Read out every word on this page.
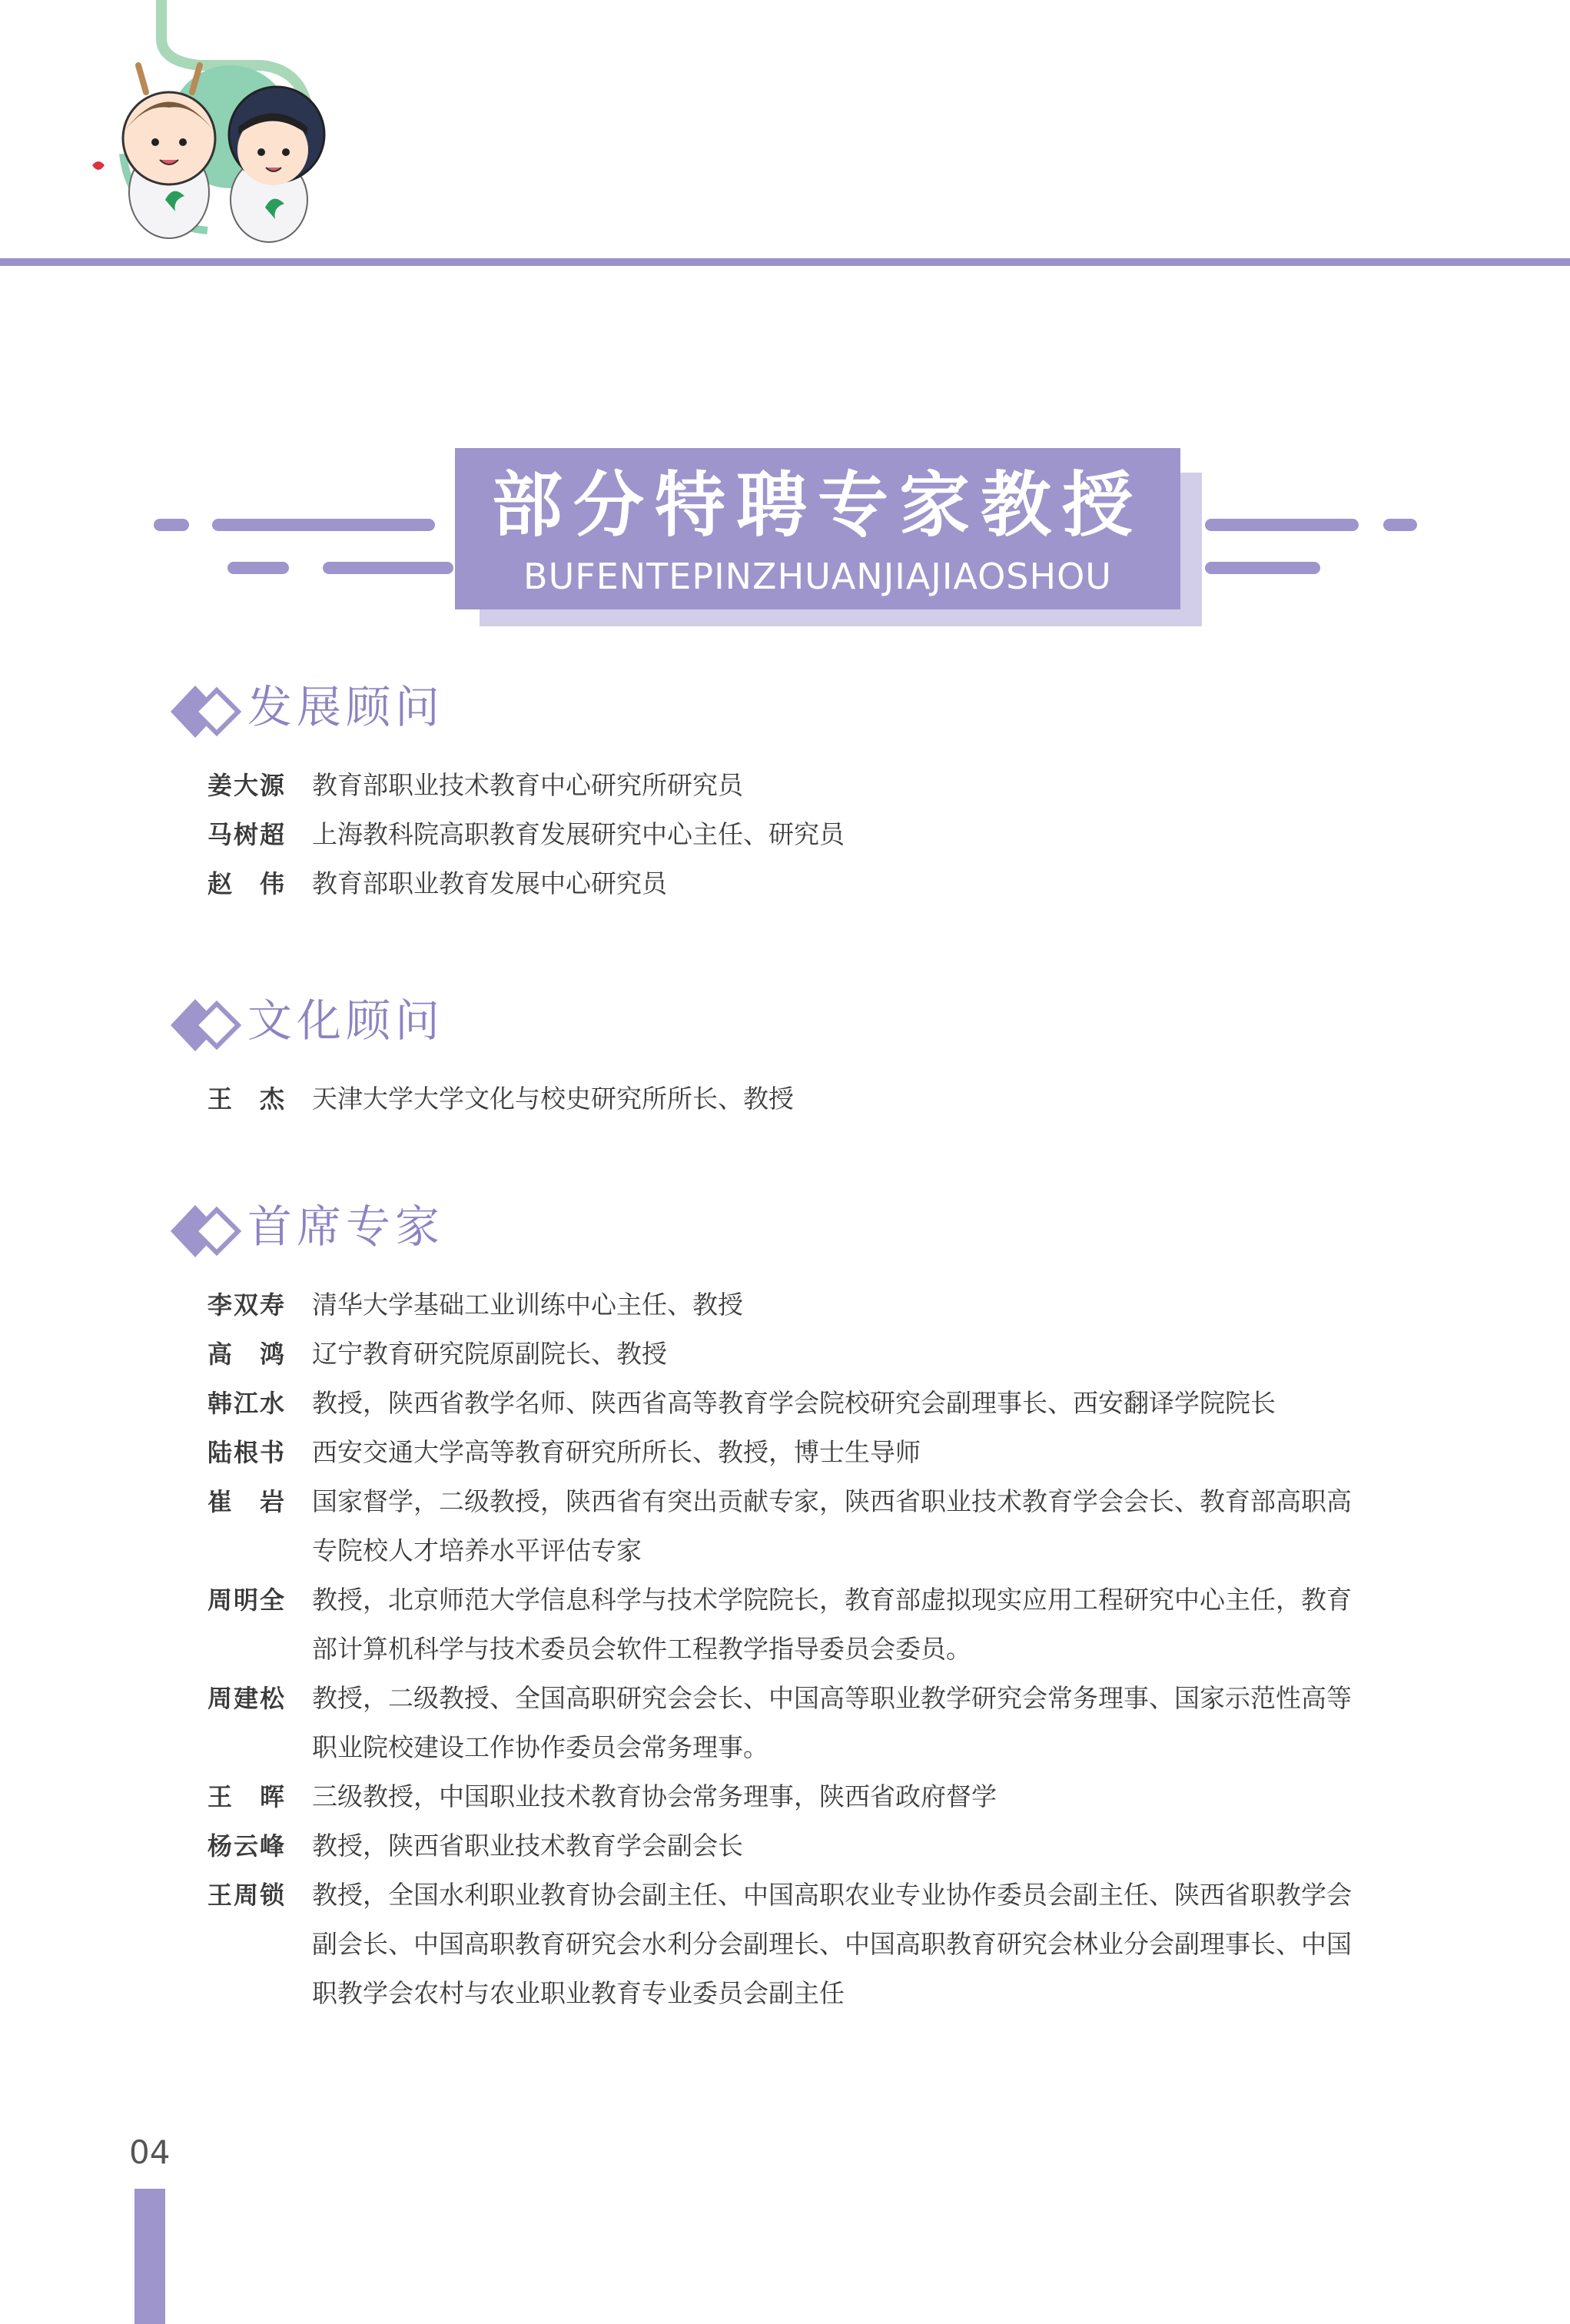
部分特聘专家教授
BUFENTEPINZHUANJIAJIAOSHOU
发展顾问
姜大源 教育部职业技术教育中心研究所研究员
马树超 上海教科院高职教育发展研究中心主任、研究员
赵伟 教育部职业教育发展中心研究员
文化顾问
王杰 天津大学大学文化与校史研究所所长、教授
首席专家
李双寿 清华大学基础工业训练中心主任、教授
高鸿 辽宁教育研究院原副院长、教授
韩江水 教授，陕西省教学名师、陕西省高等教育学会院校研究会副理事长、西安翻译学院院长
陆根书 西安交通大学高等教育研究所所长、教授，博士生导师
崔岩 国家督学，二级教授，陕西省有突出贡献专家，陕西省职业技术教育学会会长、教育部高职高专院校人才培养水平评估专家
周明全 教授，北京师范大学信息科学与技术学院院长，教育部虚拟现实应用工程研究中心主任，教育部计算机科学与技术委员会软件工程教学指导委员会委员。
周建松 教授，二级教授、全国高职研究会会长、中国高等职业教学研究会常务理事、国家示范性高等职业院校建设工作协作委员会常务理事。
王晖 三级教授，中国职业技术教育协会常务理事，陕西省政府督学
杨云峰 教授，陕西省职业技术教育学会副会长
王周锁 教授，全国水利职业教育协会副主任、中国高职农业专业协作委员会副主任、陕西省职教学会副会长、中国高职教育研究会水利分会副理长、中国高职教育研究会林业分会副理事长、中国职教学会农村与农业职业教育专业委员会副主任
04
